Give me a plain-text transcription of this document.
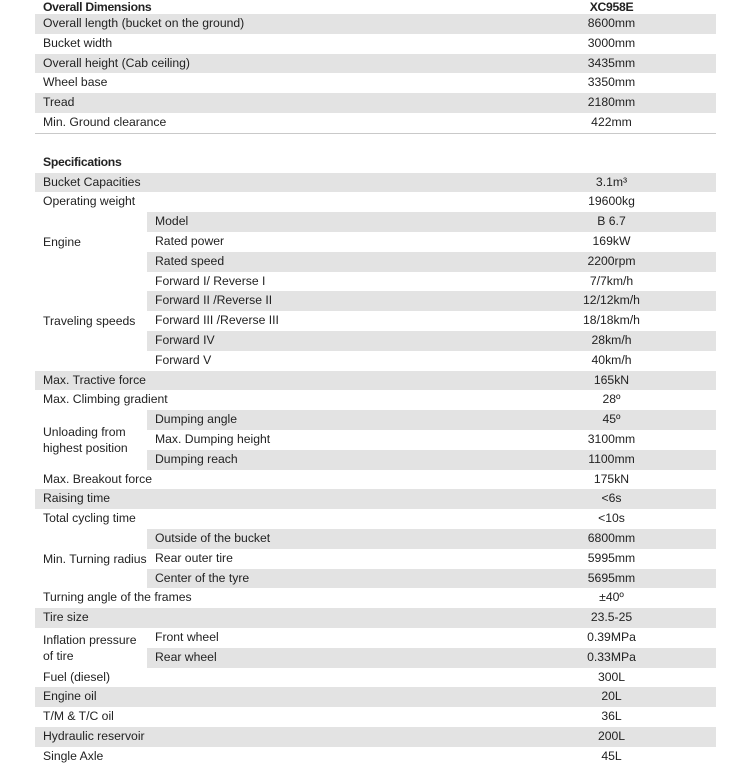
Overall Dimensions	XC958E
Overall length (bucket on the ground)	8600mm
Bucket width	3000mm
Overall height (Cab ceiling)	3435mm
Wheel base	3350mm
Tread	2180mm
Min. Ground clearance	422mm
Specifications		
Bucket Capacities		3.1m³
Operating weight		19600kg
Engine	Model	B 6.7
	Rated power	169kW
	Rated speed	2200rpm
Traveling speeds	Forward I/ Reverse I	7/7km/h
	Forward II /Reverse II	12/12km/h
	Forward III /Reverse III	18/18km/h
	Forward IV	28km/h
	Forward V	40km/h
Max. Tractive force		165kN
Max. Climbing gradient		28º
Unloading from highest position	Dumping angle	45º
	Max. Dumping height	3100mm
	Dumping reach	1100mm
Max. Breakout force		175kN
Raising time		<6s
Total cycling time		<10s
Min. Turning radius	Outside of the bucket	6800mm
	Rear outer tire	5995mm
	Center of the tyre	5695mm
Turning angle of the frames		±40º
Tire size		23.5-25
Inflation pressure of tire	Front wheel	0.39MPa
	Rear wheel	0.33MPa
Fuel (diesel)		300L
Engine oil		20L
T/M & T/C oil		36L
Hydraulic reservoir		200L
Single Axle		45L
